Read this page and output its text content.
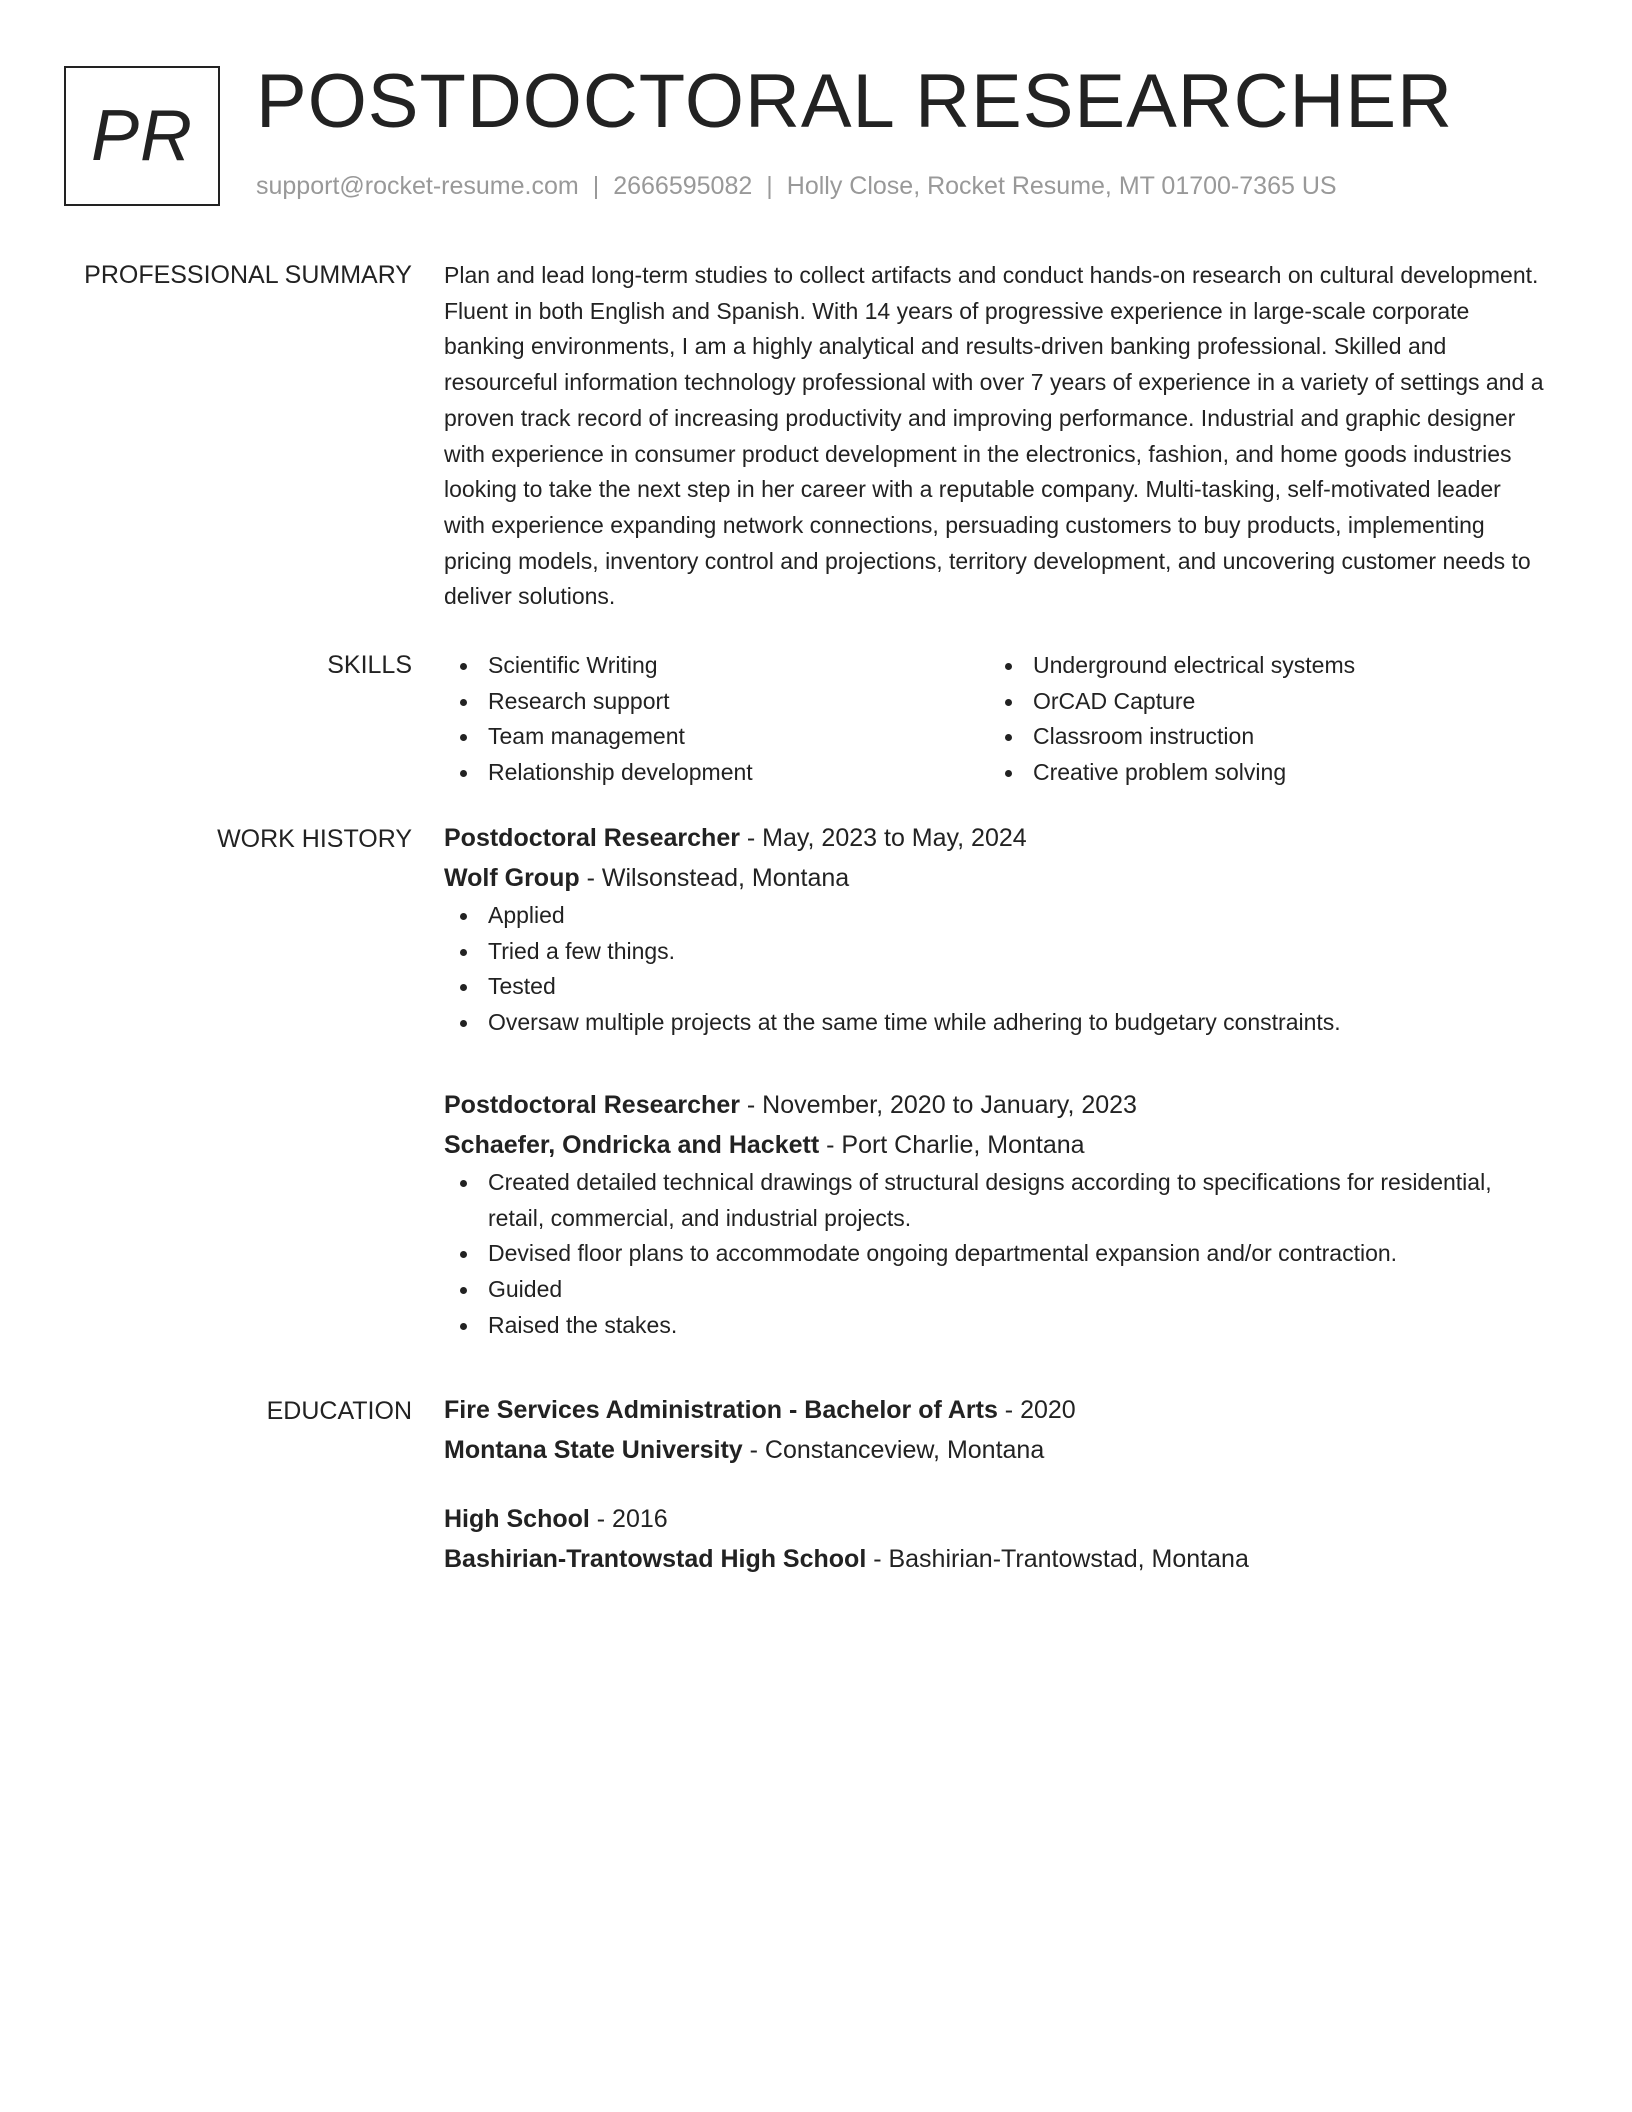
PR POSTDOCTORAL RESEARCHER
support@rocket-resume.com | 2666595082 | Holly Close, Rocket Resume, MT 01700-7365 US
PROFESSIONAL SUMMARY Plan and lead long-term studies to collect artifacts and conduct hands-on research on cultural development. Fluent in both English and Spanish. With 14 years of progressive experience in large-scale corporate banking environments, I am a highly analytical and results-driven banking professional. Skilled and resourceful information technology professional with over 7 years of experience in a variety of settings and a proven track record of increasing productivity and improving performance. Industrial and graphic designer with experience in consumer product development in the electronics, fashion, and home goods industries looking to take the next step in her career with a reputable company. Multi-tasking, self-motivated leader with experience expanding network connections, persuading customers to buy products, implementing pricing models, inventory control and projections, territory development, and uncovering customer needs to deliver solutions.

SKILLS	Scientific Writing
Research support
Team management
Relationship development
Underground electrical systems
OrCAD Capture
Classroom instruction
Creative problem solving
WORK HISTORY Postdoctoral Researcher - May, 2023 to May, 2024
Wolf Group - Wilsonstead, Montana
Applied
Tried a few things.
Tested
Oversaw multiple projects at the same time while adhering to budgetary constraints.
Postdoctoral Researcher - November, 2020 to January, 2023
Schaefer, Ondricka and Hackett - Port Charlie, Montana
Created detailed technical drawings of structural designs according to specifications for residential, retail, commercial, and industrial projects.
Devised floor plans to accommodate ongoing departmental expansion and/or contraction.
Guided
Raised the stakes.
EDUCATION Fire Services Administration - Bachelor of Arts - 2020
Montana State University - Constanceview, Montana
High School - 2016
Bashirian-Trantowstad High School - Bashirian-Trantowstad, Montana
